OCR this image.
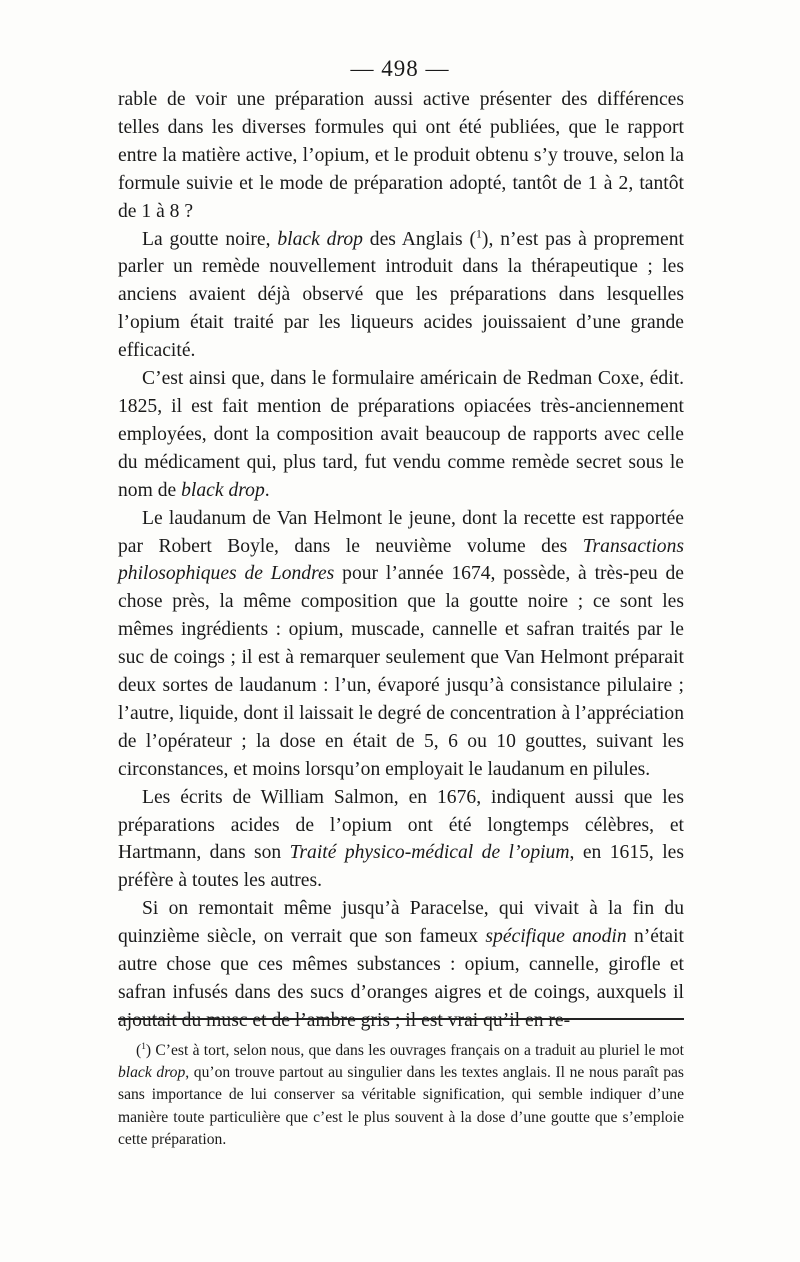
— 498 —

rable de voir une préparation aussi active présenter des différences telles dans les diverses formules qui ont été publiées, que le rapport entre la matière active, l’opium, et le produit obtenu s’y trouve, selon la formule suivie et le mode de préparation adopté, tantôt de 1 à 2, tantôt de 1 à 8 ?

La goutte noire, black drop des Anglais ($^1$), n’est pas à proprement parler un remède nouvellement introduit dans la thérapeutique ; les anciens avaient déjà observé que les préparations dans lesquelles l’opium était traité par les liqueurs acides jouissaient d’une grande efficacité.

C’est ainsi que, dans le formulaire américain de Redman Coxe, édit. 1825, il est fait mention de préparations opiacées très-anciennement employées, dont la composition avait beaucoup de rapports avec celle du médicament qui, plus tard, fut vendu comme remède secret sous le nom de black drop.

Le laudanum de Van Helmont le jeune, dont la recette est rapportée par Robert Boyle, dans le neuvième volume des Transactions philosophiques de Londres pour l’année 1674, possède, à très-peu de chose près, la même composition que la goutte noire ; ce sont les mêmes ingrédients : opium, muscade, cannelle et safran traités par le suc de coings ; il est à remarquer seulement que Van Helmont préparait deux sortes de laudanum : l’un, évaporé jusqu’à consistance pilulaire ; l’autre, liquide, dont il laissait le degré de concentration à l’appréciation de l’opérateur ; la dose en était de 5, 6 ou 10 gouttes, suivant les circonstances, et moins lorsqu’on employait le laudanum en pilules.

Les écrits de William Salmon, en 1676, indiquent aussi que les préparations acides de l’opium ont été longtemps célèbres, et Hartmann, dans son Traité physico-médical de l’opium, en 1615, les préfère à toutes les autres.

Si on remontait même jusqu’à Paracelse, qui vivait à la fin du quinzième siècle, on verrait que son fameux spécifique anodin n’était autre chose que ces mêmes substances : opium, cannelle, girofle et safran infusés dans des sucs d’oranges aigres et de coings, auxquels il ajoutait du musc et de l’ambre gris ; il est vrai qu’il en re-

($^1$) C’est à tort, selon nous, que dans les ouvrages français on a traduit au pluriel le mot black drop, qu’on trouve partout au singulier dans les textes anglais. Il ne nous paraît pas sans importance de lui conserver sa véritable signification, qui semble indiquer d’une manière toute particulière que c’est le plus souvent à la dose d’une goutte que s’emploie cette préparation.
